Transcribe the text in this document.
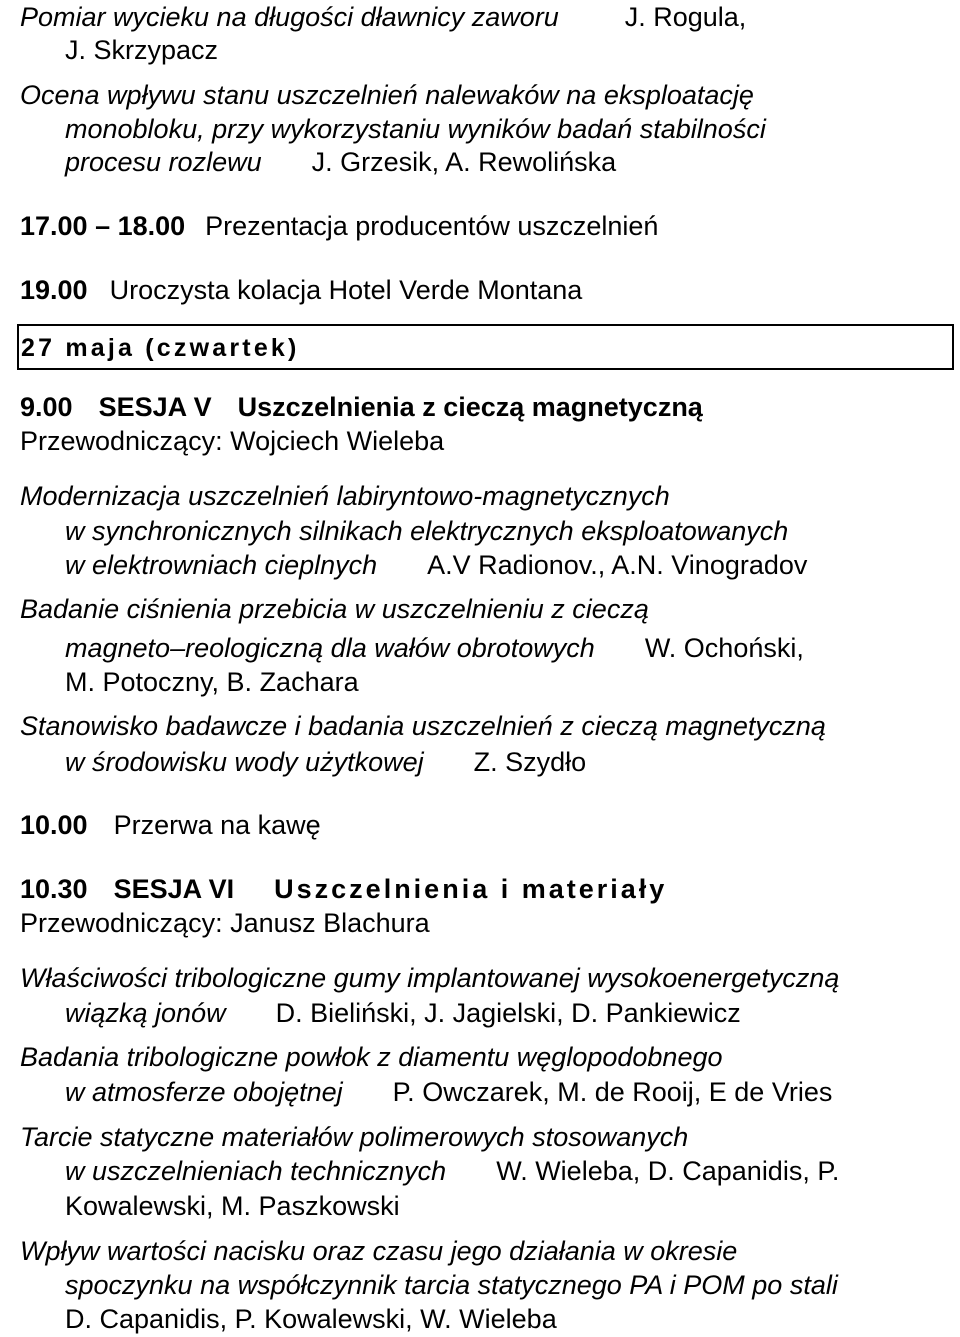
Pomiar wycieku na długości dławnicy zaworu J. Rogula,
J. Skrzypacz
Ocena wpływu stanu uszczelnień nalewaków na eksploatację
monobloku, przy wykorzystaniu wyników badań stabilności
procesu rozlewu J. Grzesik, A. Rewolińska
17.00 – 18.00 Prezentacja producentów uszczelnień
19.00 Uroczysta kolacja Hotel Verde Montana
27 maja (czwartek)
9.00 SESJA V Uszczelnienia z cieczą magnetyczną
Przewodniczący: Wojciech Wieleba
Modernizacja uszczelnień labiryntowo-magnetycznych
w synchronicznych silnikach elektrycznych eksploatowanych
w elektrowniach cieplnych A.V Radionov., A.N. Vinogradov
Badanie ciśnienia przebicia w uszczelnieniu z cieczą
magneto–reologiczną dla wałów obrotowych W. Ochoński,
M. Potoczny, B. Zachara
Stanowisko badawcze i badania uszczelnień z cieczą magnetyczną
w środowisku wody użytkowej Z. Szydło
10.00 Przerwa na kawę
10.30 SESJA VI Uszczelnienia i materiały
Przewodniczący: Janusz Blachura
Właściwości tribologiczne gumy implantowanej wysokoenergetyczną
wiązką jonów D. Bieliński, J. Jagielski, D. Pankiewicz
Badania tribologiczne powłok z diamentu węglopodobnego
w atmosferze obojętnej P. Owczarek, M. de Rooij, E de Vries
Tarcie statyczne materiałów polimerowych stosowanych
w uszczelnieniach technicznych W. Wieleba, D. Capanidis, P.
Kowalewski, M. Paszkowski
Wpływ wartości nacisku oraz czasu jego działania w okresie
spoczynku na współczynnik tarcia statycznego PA i POM po stali
D. Capanidis, P. Kowalewski, W. Wieleba
